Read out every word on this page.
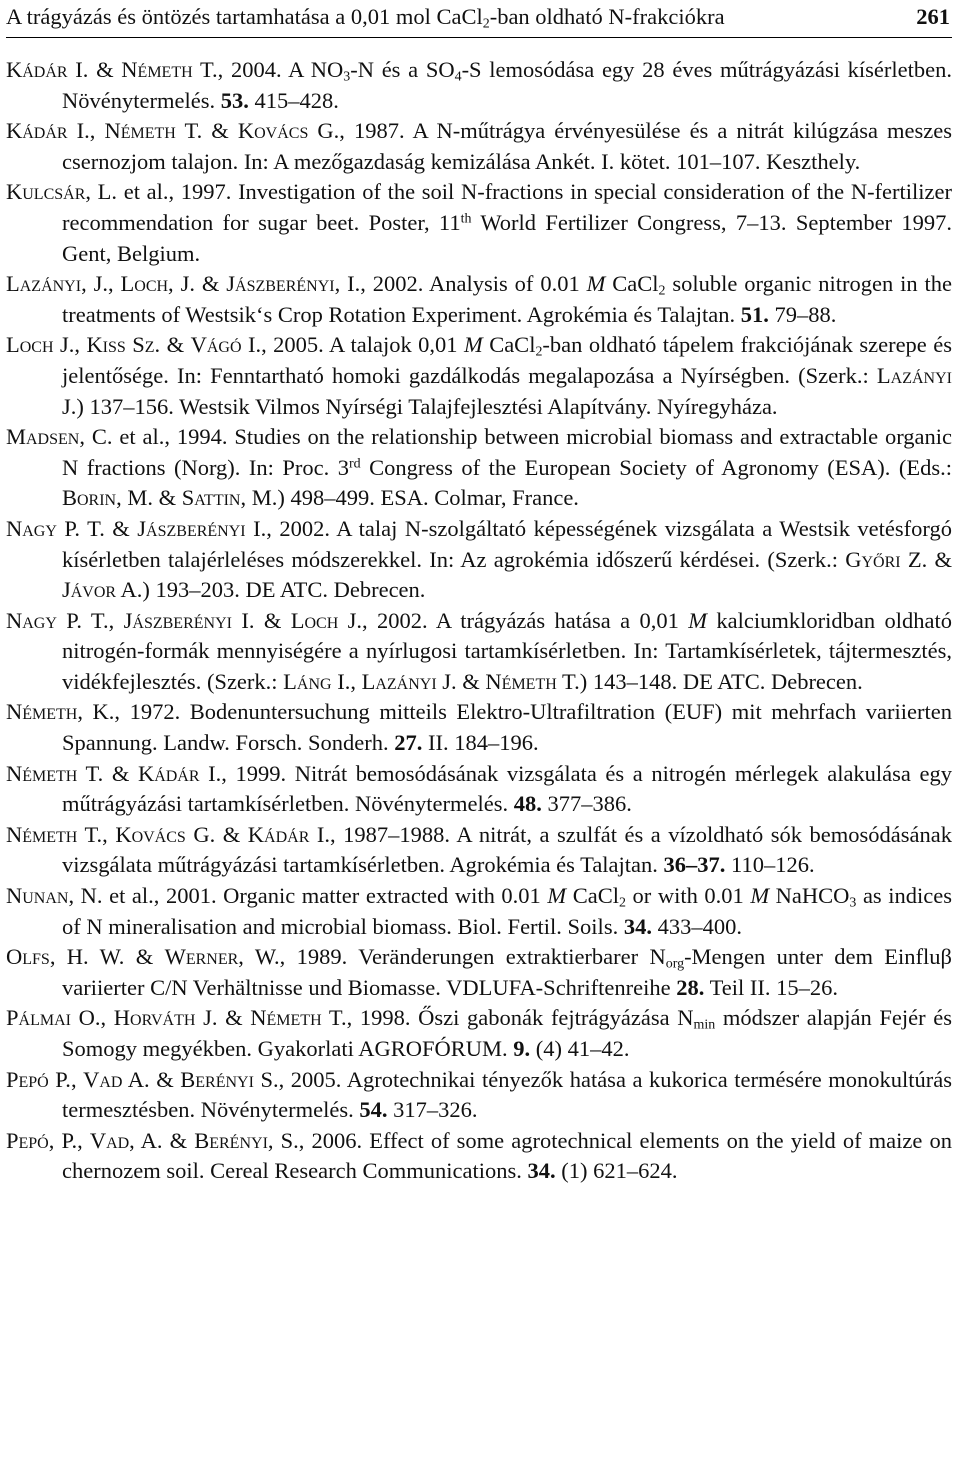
A trágyázás és öntözés tartamhatása a 0,01 mol CaCl$_2$-ban oldható N-frakciókra	261

Kádár I. & Németh T., 2004. A $NO_3-N$ és a $SO_4-S$ lemosódása egy 28 éves műtrágyázási kísérletben. Növénytermelés. 53. 415–428.

Kádár I., Németh T. & Kovács G., 1987. A N-műtrágya érvényesülése és a nitrát kilúgzása meszes csernozjom talajon. In: A mezőgazdaság kemizálása Ankét. I. kötet. 101–107. Keszthely.

Kulcsár, L. et al., 1997. Investigation of the soil N-fractions in special consideration of the N-fertilizer recommendation for sugar beet. Poster, 11th World Fertilizer Congress, 7–13. September 1997. Gent, Belgium.

Lazányi, J., Loch, J. & Jászberényi, I., 2002. Analysis of 0.01 M CaCl$_2$ soluble organic nitrogen in the treatments of Westsik‘s Crop Rotation Experiment. Agrokémia és Talajtan. 51. 79–88.

Loch J., Kiss Sz. & Vágó I., 2005. A talajok 0,01 M CaCl$_2$-ban oldható tápelem frakciójának szerepe és jelentősége. In: Fenntartható homoki gazdálkodás megalapozása a Nyírségben. (Szerk.: Lazányi J.) 137–156. Westsik Vilmos Nyírségi Talajfejlesztési Alapítvány. Nyíregyháza.

Madsen, C. et al., 1994. Studies on the relationship between microbial biomass and extractable organic N fractions (Norg). In: Proc. 3rd Congress of the European Society of Agronomy (ESA). (Eds.: Borin, M. & Sattin, M.) 498–499. ESA. Colmar, France.

Nagy P. T. & Jászberényi I., 2002. A talaj N-szolgáltató képességének vizsgálata a Westsik vetésforgó kísérletben talajérleléses módszerekkel. In: Az agrokémia időszerű kérdései. (Szerk.: Győri Z. & Jávor A.) 193–203. DE ATC. Debrecen.

Nagy P. T., Jászberényi I. & Loch J., 2002. A trágyázás hatása a 0,01 M kalciumkloridban oldható nitrogén-formák mennyiségére a nyírlugosi tartamkísérletben. In: Tartamkísérletek, tájtermesztés, vidékfejlesztés. (Szerk.: Láng I., Lazányi J. & Németh T.) 143–148. DE ATC. Debrecen.

Németh, K., 1972. Bodenuntersuchung mitteils Elektro-Ultrafiltration (EUF) mit mehrfach variierten Spannung. Landw. Forsch. Sonderh. 27. II. 184–196.

Németh T. & Kádár I., 1999. Nitrát bemosódásának vizsgálata és a nitrogén mérlegek alakulása egy műtrágyázási tartamkísérletben. Növénytermelés. 48. 377–386.

Németh T., Kovács G. & Kádár I., 1987–1988. A nitrát, a szulfát és a vízoldható sók bemosódásának vizsgálata műtrágyázási tartamkísérletben. Agrokémia és Talajtan. 36–37. 110–126.

Nunan, N. et al., 2001. Organic matter extracted with 0.01 M CaCl$_2$ or with 0.01 M NaHCO$_3$ as indices of N mineralisation and microbial biomass. Biol. Fertil. Soils. 34. 433–400.

Olfs, H. W. & Werner, W., 1989. Veränderungen extraktierbarer $N_{org}$-Mengen unter dem Einfluβ variierter C/N Verhältnisse und Biomasse. VDLUFA-Schriftenreihe 28. Teil II. 15–26.

Pálmai O., Horváth J. & Németh T., 1998. Őszi gabonák fejtrágyázása $N_{min}$ módszer alapján Fejér és Somogy megyékben. Gyakorlati AGROFÓRUM. 9. (4) 41–42.

Pepó P., Vad A. & Berényi S., 2005. Agrotechnikai tényezők hatása a kukorica termésére monokultúrás termesztésben. Növénytermelés. 54. 317–326.

Pepó, P., Vad, A. & Berényi, S., 2006. Effect of some agrotechnical elements on the yield of maize on chernozem soil. Cereal Research Communications. 34. (1) 621–624.
